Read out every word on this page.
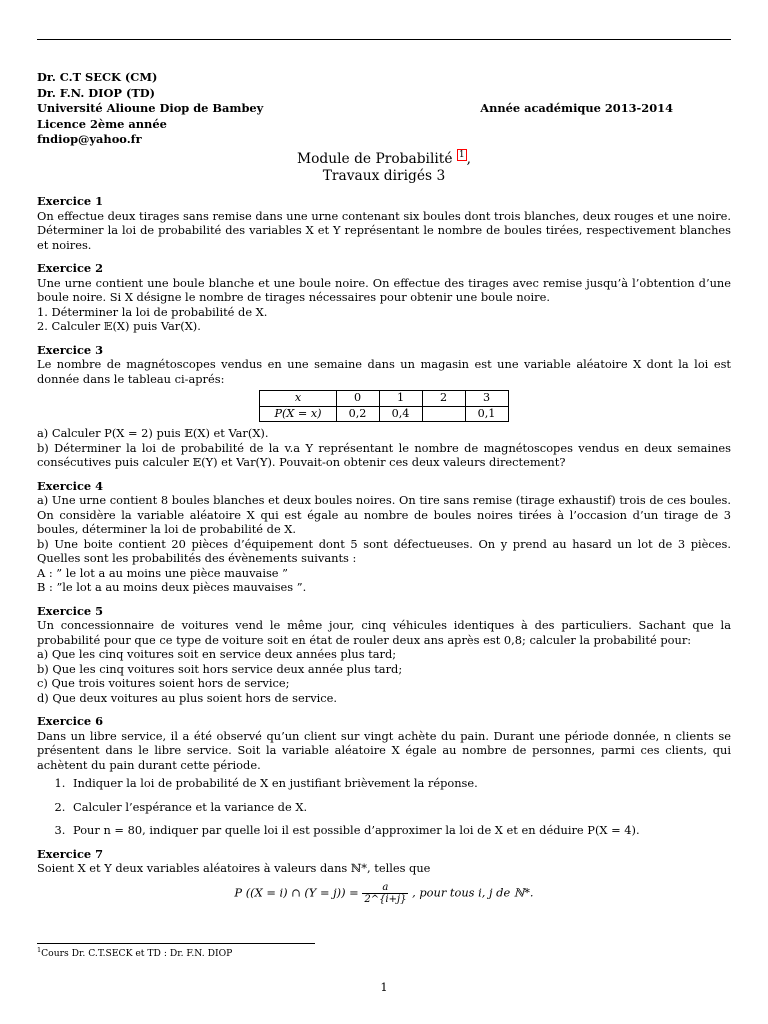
Dr. C.T SECK (CM)
Dr. F.N. DIOP (TD)
Université Alioune Diop de Bambey	Année académique 2013-2014
Licence 2ème année
fndiop@yahoo.fr
Module de Probabilité $^1$ ,
Travaux dirigés 3
Exercice 1

On effectue deux tirages sans remise dans une urne contenant six boules dont trois blanches, deux rouges et une noire. Déterminer la loi de probabilité des variables X et Y représentant le nombre de boules tirées, respectivement blanches et noires.

Exercice 2

Une urne contient une boule blanche et une boule noire. On effectue des tirages avec remise jusqu’à l’obtention d’une boule noire. Si X désigne le nombre de tirages nécessaires pour obtenir une boule noire.

1. Déterminer la loi de probabilité de X.

2. Calculer 𝔼(X) puis Var(X).

Exercice 3

Le nombre de magnétoscopes vendus en une semaine dans un magasin est une variable aléatoire X dont la loi est donnée dans le tableau ci-aprés:

x	0	1	2	3
P(X = x)	0,2	0,4		0,1

a) Calculer P(X = 2) puis 𝔼(X) et Var(X).

b) Déterminer la loi de probabilité de la v.a Y représentant le nombre de magnétoscopes vendus en deux semaines consécutives puis calculer 𝔼(Y) et Var(Y). Pouvait-on obtenir ces deux valeurs directement?

Exercice 4

a) Une urne contient 8 boules blanches et deux boules noires. On tire sans remise (tirage exhaustif) trois de ces boules. On considère la variable aléatoire X qui est égale au nombre de boules noires tirées à l’occasion d’un tirage de 3 boules, déterminer la loi de probabilité de X.

b) Une boite contient 20 pièces d’équipement dont 5 sont défectueuses. On y prend au hasard un lot de 3 pièces. Quelles sont les probabilités des évènements suivants :

A : ” le lot a au moins une pièce mauvaise ”

B : ”le lot a au moins deux pièces mauvaises ”.

Exercice 5

Un concessionnaire de voitures vend le même jour, cinq véhicules identiques à des particuliers. Sachant que la probabilité pour que ce type de voiture soit en état de rouler deux ans après est 0,8; calculer la probabilité pour:

a) Que les cinq voitures soit en service deux années plus tard;

b) Que les cinq voitures soit hors service deux année plus tard;

c) Que trois voitures soient hors de service;

d) Que deux voitures au plus soient hors de service.

Exercice 6

Dans un libre service, il a été observé qu’un client sur vingt achète du pain. Durant une période donnée, n clients se présentent dans le libre service. Soit la variable aléatoire X égale au nombre de personnes, parmi ces clients, qui achètent du pain durant cette période.

1. Indiquer la loi de probabilité de X en justifiant brièvement la réponse.
2. Calculer l’espérance et la variance de X.
3. Pour n = 80, indiquer par quelle loi il est possible d’approximer la loi de X et en déduire P(X = 4).
Exercice 7

Soient X et Y deux variables aléatoires à valeurs dans ℕ*, telles que

P ((X = i) ∩ $(Y = j)) = \frac{a}{2\^{}\{i+j\}}$ , pour tous i, j de ℕ*.
$^1$Cours Dr. C.T.SECK et TD : Dr. F.N. DIOP
1
